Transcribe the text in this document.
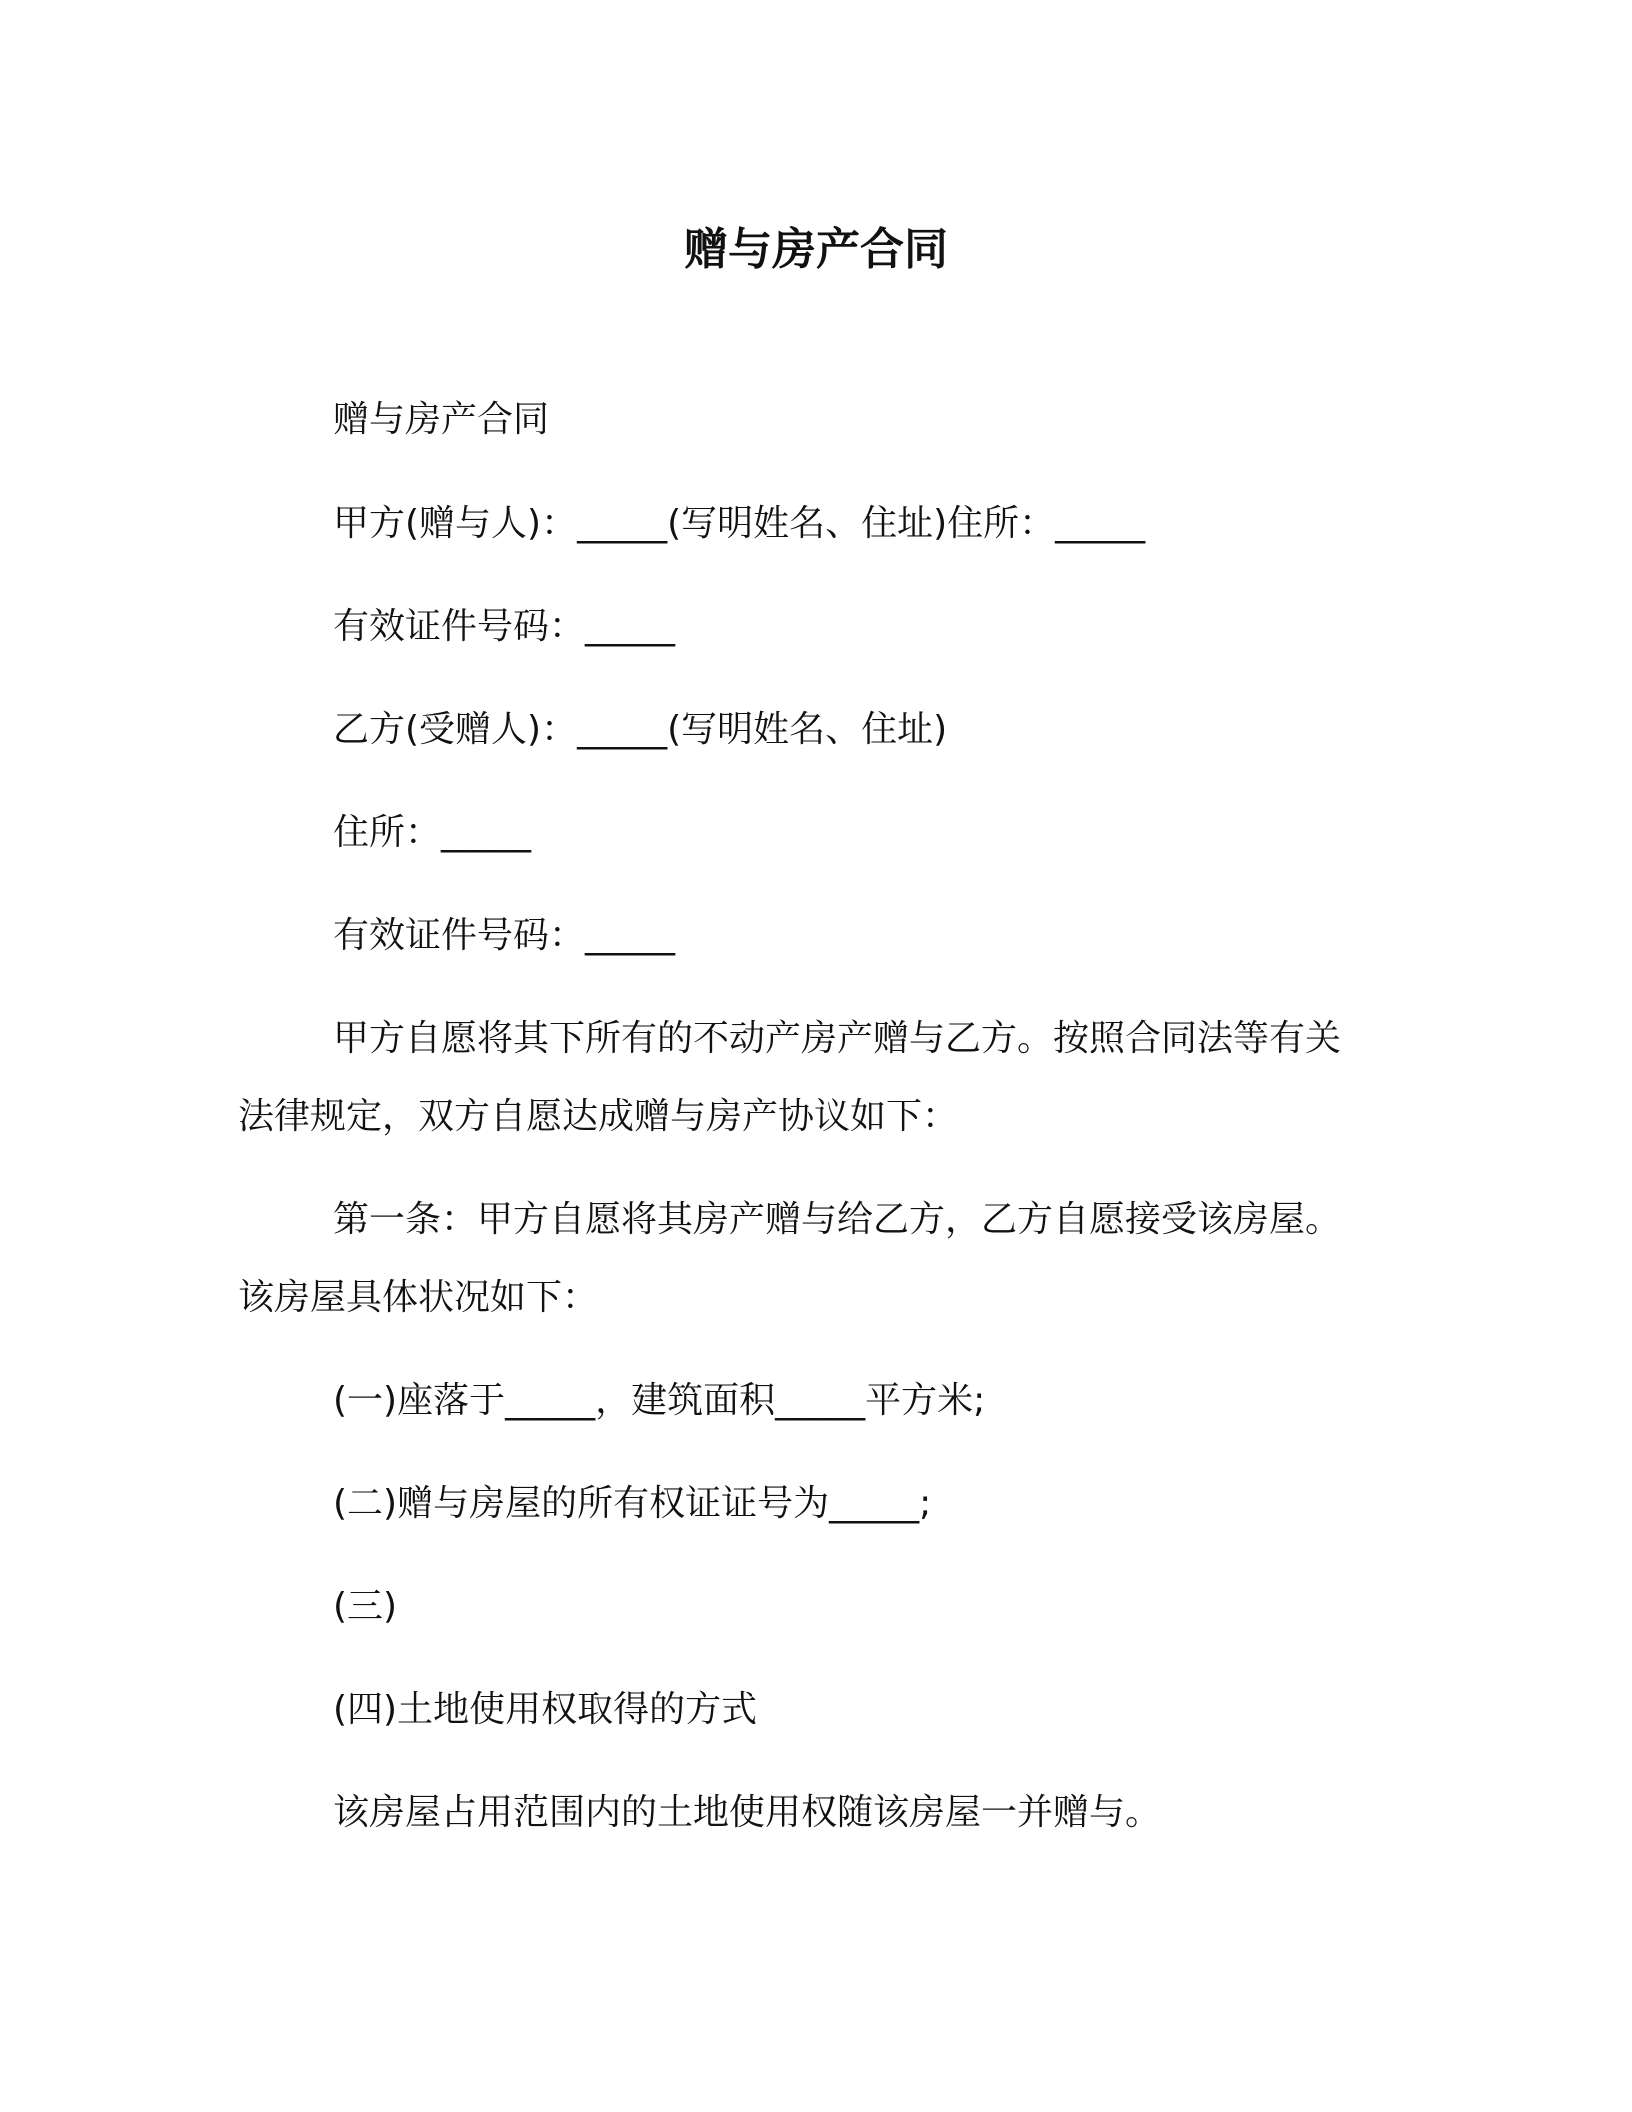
赠与房产合同

赠与房产合同

甲方(赠与人)：_____(写明姓名、住址)住所：_____

有效证件号码：_____

乙方(受赠人)：_____(写明姓名、住址)

住所：_____

有效证件号码：_____

甲方自愿将其下所有的不动产房产赠与乙方。按照合同法等有关

法律规定，双方自愿达成赠与房产协议如下：

第一条：甲方自愿将其房产赠与给乙方，乙方自愿接受该房屋。

该房屋具体状况如下：

(一)座落于_____，建筑面积_____平方米;

(二)赠与房屋的所有权证证号为_____;

(三)

(四)土地使用权取得的方式

该房屋占用范围内的土地使用权随该房屋一并赠与。
